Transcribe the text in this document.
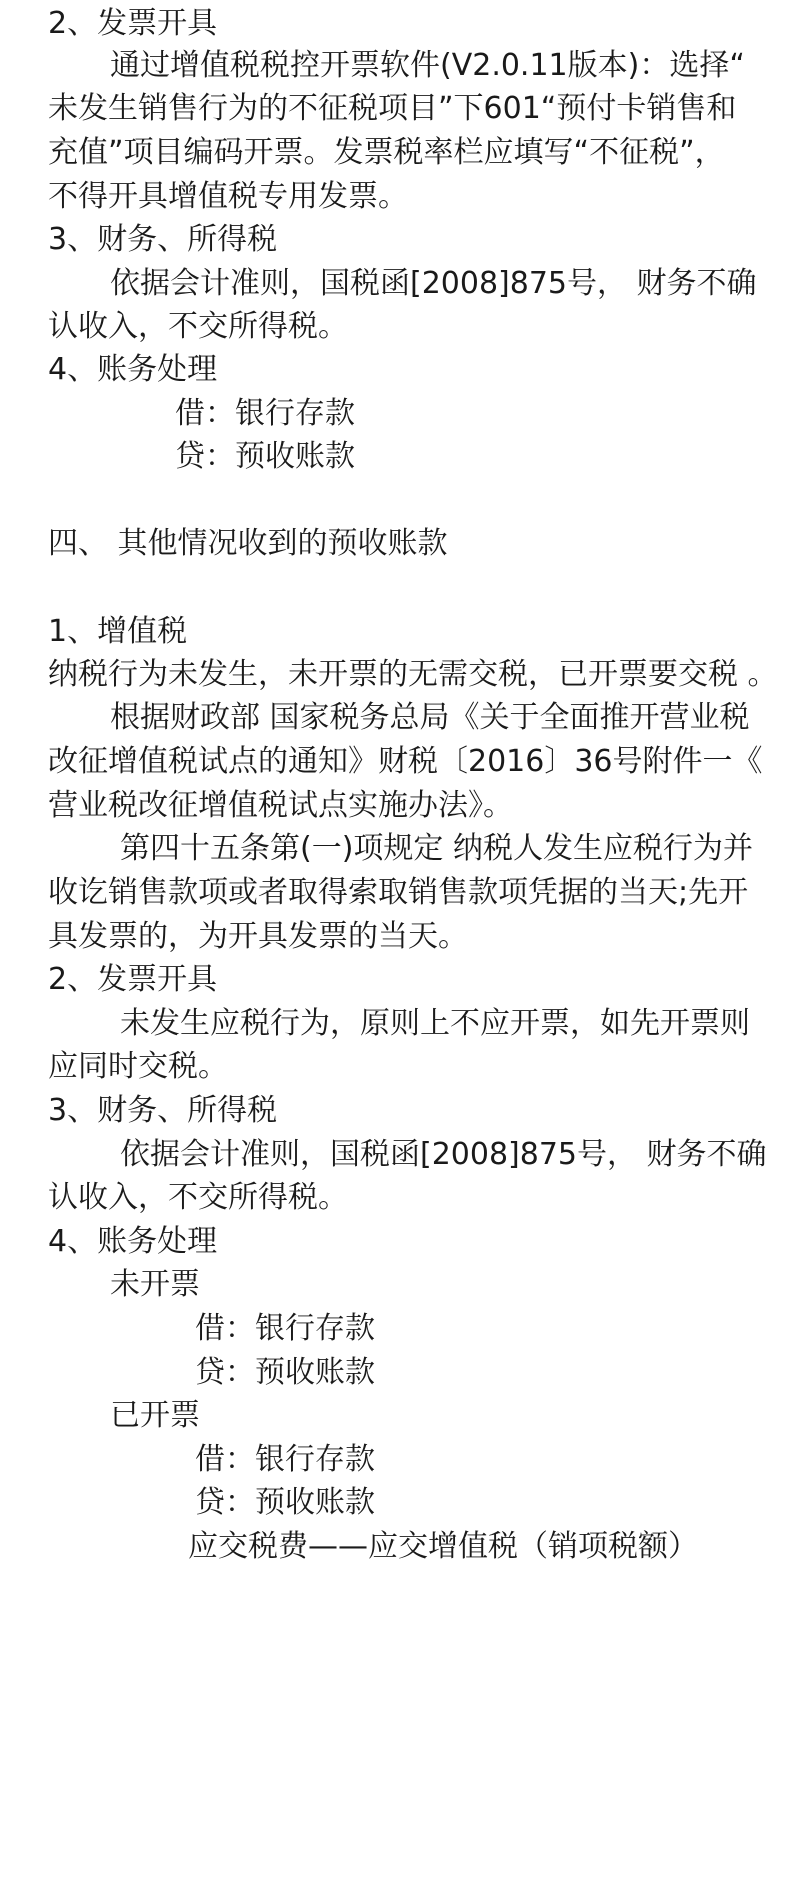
2、发票开具
通过增值税税控开票软件(V2.0.11版本)：选择“
未发生销售行为的不征税项目”下601“预付卡销售和
充值”项目编码开票。发票税率栏应填写“不征税”，
不得开具增值税专用发票。
3、财务、所得税
依据会计准则，国税函[2008]875号， 财务不确
认收入，不交所得税。
4、账务处理
借：银行存款
贷：预收账款
四、 其他情况收到的预收账款
1、增值税
纳税行为未发生，未开票的无需交税，已开票要交税 。
根据财政部 国家税务总局《关于全面推开营业税
改征增值税试点的通知》财税〔2016〕36号附件一《
营业税改征增值税试点实施办法》。
第四十五条第(一)项规定 纳税人发生应税行为并
收讫销售款项或者取得索取销售款项凭据的当天;先开
具发票的，为开具发票的当天。
2、发票开具
未发生应税行为，原则上不应开票，如先开票则
应同时交税。
3、财务、所得税
依据会计准则，国税函[2008]875号， 财务不确
认收入，不交所得税。
4、账务处理
未开票
借：银行存款
贷：预收账款
已开票
借：银行存款
贷：预收账款
应交税费——应交增值税（销项税额）
